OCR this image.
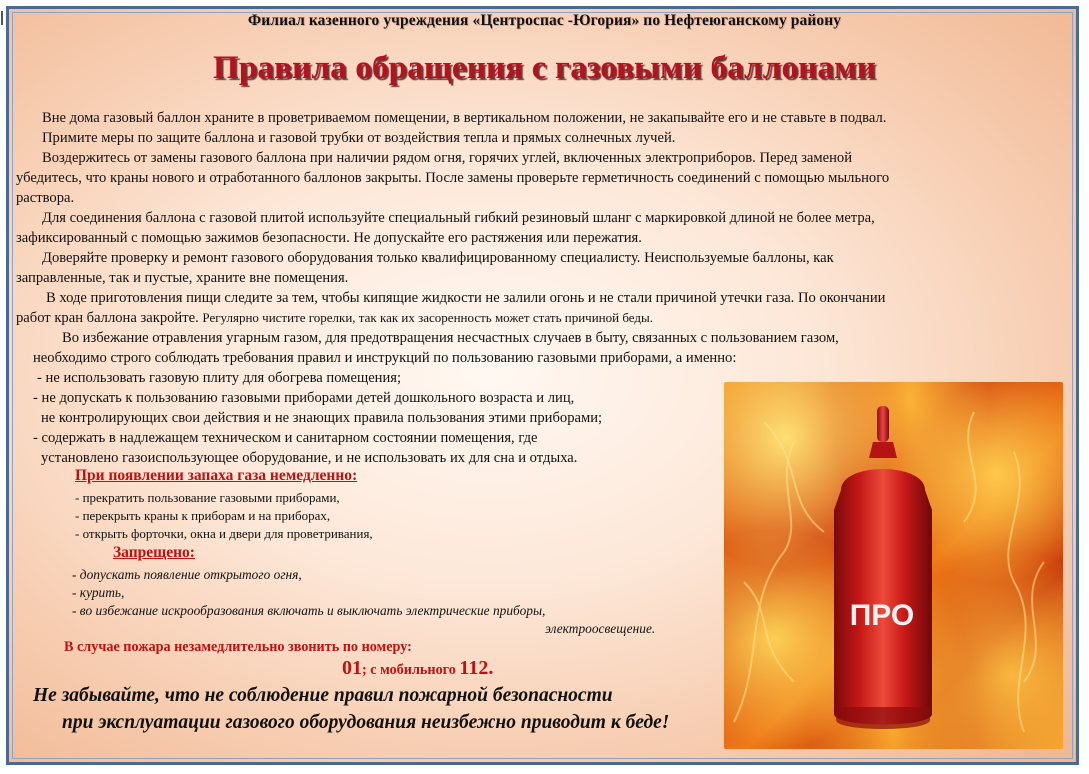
Филиал казенного учреждения «Центроспас -Югория» по Нефтеюганскому району
Правила обращения с газовыми баллонами
Вне дома газовый баллон храните в проветриваемом помещении, в вертикальном положении, не закапывайте его и не ставьте в подвал.
Примите меры по защите баллона и газовой трубки от воздействия тепла и прямых солнечных лучей.
Воздержитесь от замены газового баллона при наличии рядом огня, горячих углей, включенных электроприборов. Перед заменой
убедитесь, что краны нового и отработанного баллонов закрыты. После замены проверьте герметичность соединений с помощью мыльного
раствора.
Для соединения баллона с газовой плитой используйте специальный гибкий резиновый шланг с маркировкой длиной не более метра,
зафиксированный с помощью зажимов безопасности. Не допускайте его растяжения или пережатия.
Доверяйте проверку и ремонт газового оборудования только квалифицированному специалисту. Неиспользуемые баллоны, как
заправленные, так и пустые, храните вне помещения.
В ходе приготовления пищи следите за тем, чтобы кипящие жидкости не залили огонь и не стали причиной утечки газа. По окончании
работ кран баллона закройте. Регулярно чистите горелки, так как их засоренность может стать причиной беды.
Во избежание отравления угарным газом, для предотвращения несчастных случаев в быту, связанных с пользованием газом,
необходимо строго соблюдать требования правил и инструкций по пользованию газовыми приборами, а именно:
- не использовать газовую плиту для обогрева помещения;
- не допускать к пользованию газовыми приборами детей дошкольного возраста и лиц,
не контролирующих свои действия и не знающих правила пользования этими приборами;
- содержать в надлежащем техническом и санитарном состоянии помещения, где
установлено газоиспользующее оборудование, и не использовать их для сна и отдыха.
При появлении запаха газа немедленно:
- прекратить пользование газовыми приборами,
- перекрыть краны к приборам и на приборах,
- открыть форточки, окна и двери для проветривания,
Запрещено:
- допускать появление открытого огня,
- курить,
- во избежание искрообразования включать и выключать электрические приборы,
электроосвещение.
В случае пожара незамедлительно звонить по номеру:
01; с мобильного 112.
Не забывайте, что не соблюдение правил пожарной безопасности
при эксплуатации газового оборудования неизбежно приводит к беде!
ПРО
